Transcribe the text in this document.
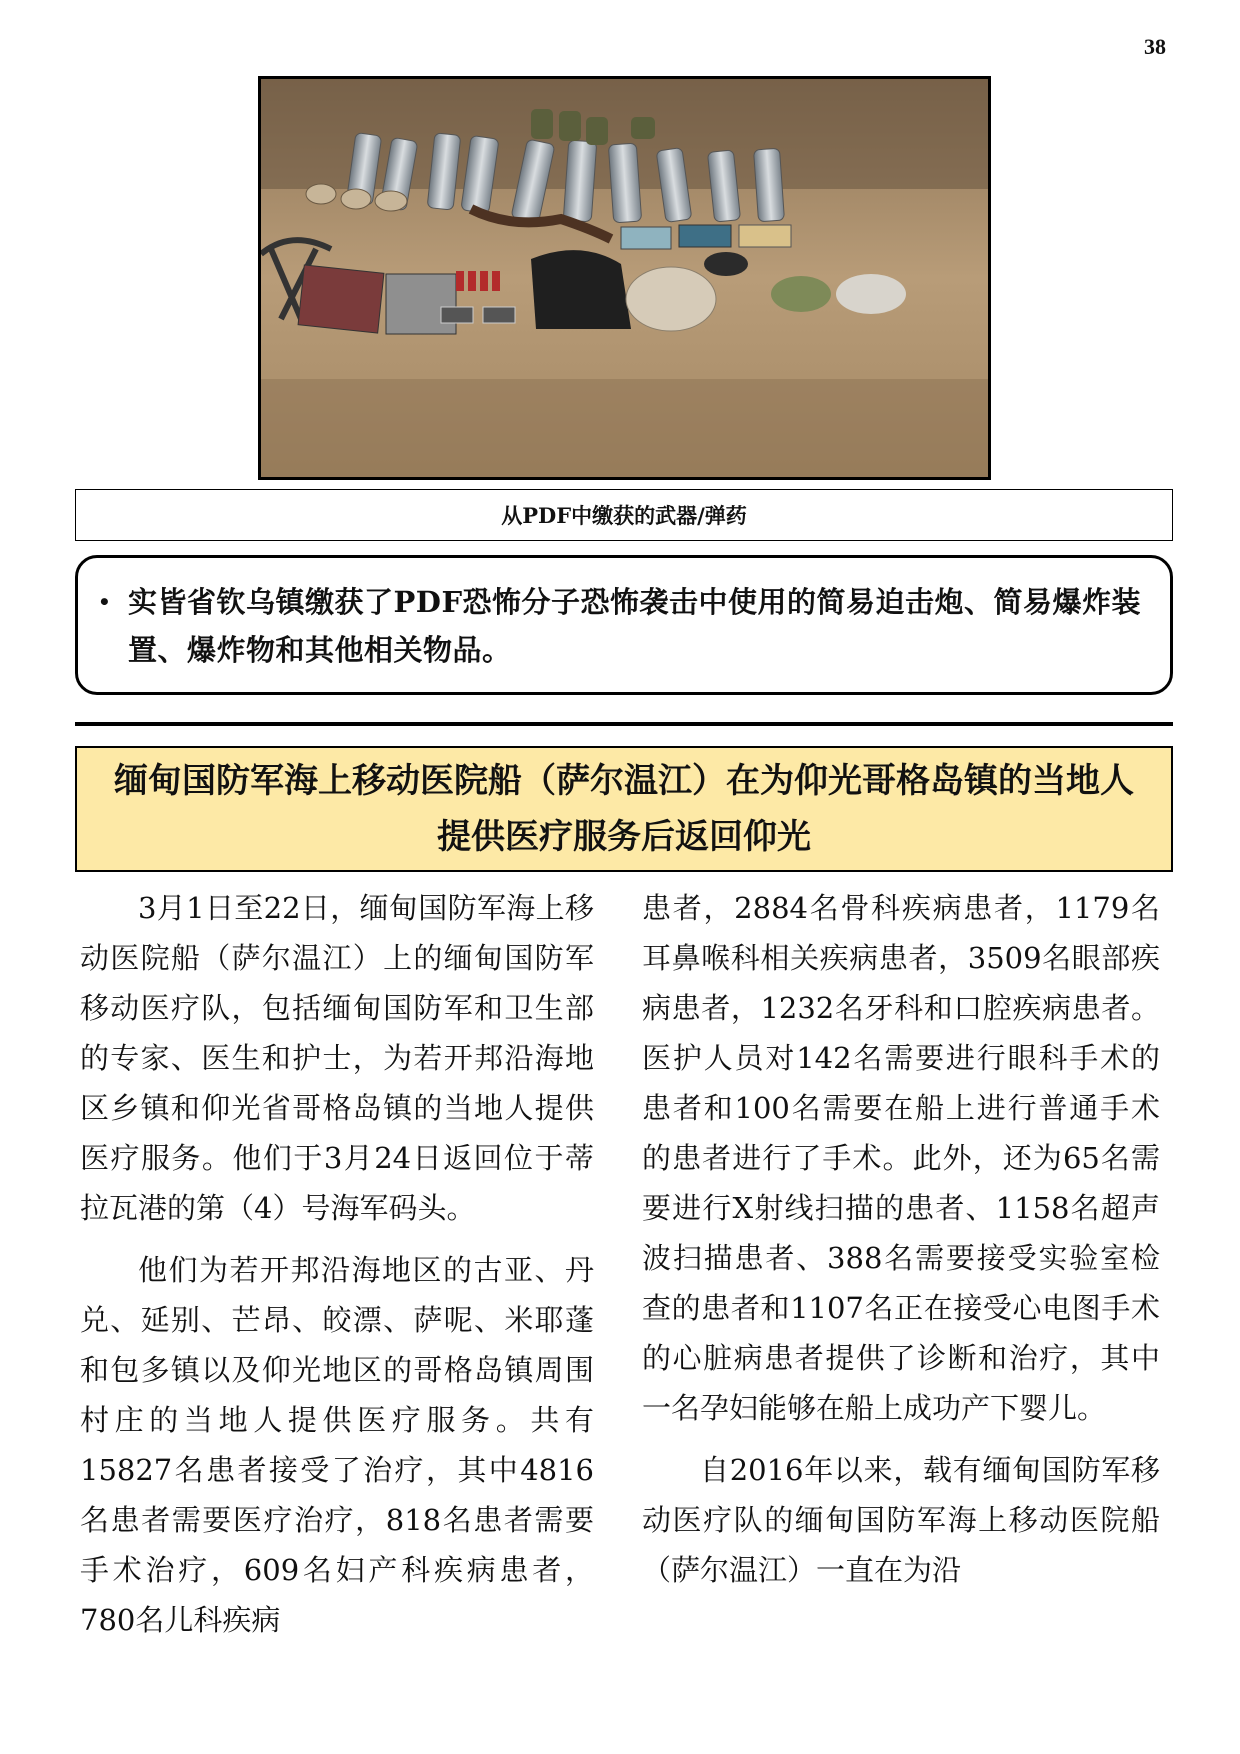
38
从PDF中缴获的武器/弹药
• 实皆省钦乌镇缴获了PDF恐怖分子恐怖袭击中使用的简易迫击炮、简易爆炸装置、爆炸物和其他相关物品。
缅甸国防军海上移动医院船（萨尔温江）在为仰光哥格岛镇的当地人提供医疗服务后返回仰光

3月1日至22日，缅甸国防军海上移动医院船（萨尔温江）上的缅甸国防军移动医疗队，包括缅甸国防军和卫生部的专家、医生和护士，为若开邦沿海地区乡镇和仰光省哥格岛镇的当地人提供医疗服务。他们于3月24日返回位于蒂拉瓦港的第（4）号海军码头。

他们为若开邦沿海地区的古亚、丹兑、延别、芒昂、皎漂、萨呢、米耶蓬和包多镇以及仰光地区的哥格岛镇周围村庄的当地人提供医疗服务。共有15827名患者接受了治疗，其中4816名患者需要医疗治疗，818名患者需要手术治疗，609名妇产科疾病患者，780名儿科疾病

患者，2884名骨科疾病患者，1179名耳鼻喉科相关疾病患者，3509名眼部疾病患者，1232名牙科和口腔疾病患者。医护人员对142名需要进行眼科手术的患者和100名需要在船上进行普通手术的患者进行了手术。此外，还为65名需要进行X射线扫描的患者、1158名超声波扫描患者、388名需要接受实验室检查的患者和1107名正在接受心电图手术的心脏病患者提供了诊断和治疗，其中一名孕妇能够在船上成功产下婴儿。

自2016年以来，载有缅甸国防军移动医疗队的缅甸国防军海上移动医院船（萨尔温江）一直在为沿
